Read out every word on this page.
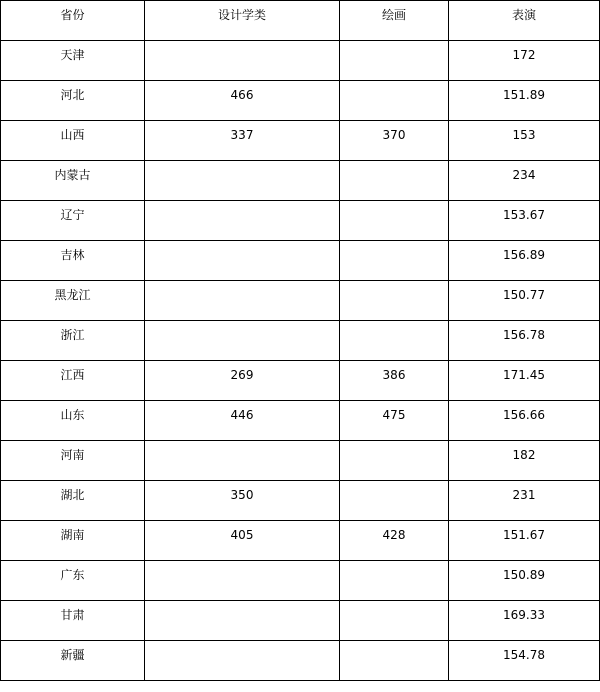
省份	设计学类	绘画	表演
天津			172
河北	466		151.89
山西	337	370	153
内蒙古			234
辽宁			153.67
吉林			156.89
黑龙江			150.77
浙江			156.78
江西	269	386	171.45
山东	446	475	156.66
河南			182
湖北	350		231
湖南	405	428	151.67
广东			150.89
甘肃			169.33
新疆			154.78
